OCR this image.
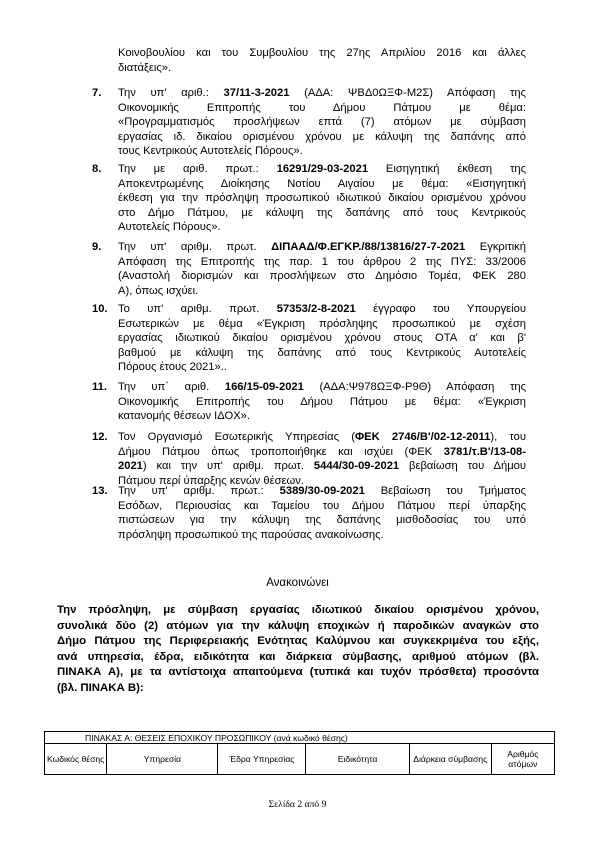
Κοινοβουλίου και του Συμβουλίου της 27ης Απριλίου 2016 και άλλες
διατάξεις».

7. Την υπ' αριθ.: 37/11-3-2021 (ΑΔΑ: ΨΒΔ0ΩΞΦ-Μ2Σ) Απόφαση της
Οικονομικής Επιτροπής του Δήμου Πάτμου με θέμα:
«Προγραμματισμός προσλήψεων επτά (7) ατόμων με σύμβαση
εργασίας ιδ. δικαίου ορισμένου χρόνου με κάλυψη της δαπάνης από
τους Κεντρικούς Αυτοτελείς Πόρους».

8. Την με αριθ. πρωτ.: 16291/29-03-2021 Εισηγητική έκθεση της
Αποκεντρωμένης Διοίκησης Νοτίου Αιγαίου με θέμα: «Εισηγητική
έκθεση για την πρόσληψη προσωπικού ιδιωτικού δικαίου ορισμένου χρόνου
στο Δήμο Πάτμου, με κάλυψη της δαπάνης από τους Κεντρικούς
Αυτοτελείς Πόρους».

9. Την υπ' αριθμ. πρωτ. ΔΙΠΑΑΔ/Φ.ΕΓΚΡ./88/13816/27-7-2021 Εγκριτική
Απόφαση της Επιτροπής της παρ. 1 του άρθρου 2 της ΠΥΣ: 33/2006
(Αναστολή διορισμών και προσλήψεων στο Δημόσιο Τομέα, ΦΕΚ 280
Α), όπως ισχύει.

10. Το υπ' αριθμ. πρωτ. 57353/2-8-2021 έγγραφο του Υπουργείου
Εσωτερικών με θέμα «Έγκριση πρόσληψης προσωπικού με σχέση
εργασίας ιδιωτικού δικαίου ορισμένου χρόνου στους ΟΤΑ α' και β'
βαθμού με κάλυψη της δαπάνης από τους Κεντρικούς Αυτοτελείς
Πόρους έτους 2021»..

11. Την υπ΄ αριθ. 166/15-09-2021 (ΑΔΑ:Ψ978ΩΞΦ-Ρ9Θ) Απόφαση της
Οικονομικής Επιτροπής του Δήμου Πάτμου με θέμα: «Έγκριση
κατανομής θέσεων ΙΔΟΧ».

12. Τον Οργανισμό Εσωτερικής Υπηρεσίας (ΦΕΚ 2746/Β'/02-12-2011), του
Δήμου Πάτμου όπως τροποποιήθηκε και ισχύει (ΦΕΚ 3781/τ.Β'/13-08-
2021) και την υπ' αριθμ. πρωτ. 5444/30-09-2021 βεβαίωση του Δήμου
Πάτμου περί ύπαρξης κενών θέσεων.

13. Την υπ' αριθμ. πρωτ.: 5389/30-09-2021 Βεβαίωση του Τμήματος
Εσόδων, Περιουσίας και Ταμείου του Δήμου Πάτμου περί ύπαρξης
πιστώσεων για την κάλυψη της δαπάνης μισθοδοσίας του υπό
πρόσληψη προσωπικού της παρούσας ανακοίνωσης.

Ανακοινώνει
Την πρόσληψη, με σύμβαση εργασίας ιδιωτικού δικαίου ορισμένου χρόνου,
συνολικά δύο (2) ατόμων για την κάλυψη εποχικών ή παροδικών αναγκών στο
Δήμο Πάτμου της Περιφερειακής Ενότητας Καλύμνου και συγκεκριμένα του εξής,
ανά υπηρεσία, έδρα, ειδικότητα και διάρκεια σύμβασης, αριθμού ατόμων (βλ.
ΠΙΝΑΚΑ Α), με τα αντίστοιχα απαιτούμενα (τυπικά και τυχόν πρόσθετα) προσόντα
(βλ. ΠΙΝΑΚΑ Β):
ΠΙΝΑΚΑΣ Α: ΘΕΣΕΙΣ ΕΠΟΧΙΚΟΥ ΠΡΟΣΩΠΙΚΟΥ (ανά κωδικό θέσης)
Κωδικός θέσης	Υπηρεσία	Έδρα Υπηρεσίας	Ειδικότητα	Διάρκεια σύμβασης	Αριθμός ατόμων
Σελίδα 2 από 9
